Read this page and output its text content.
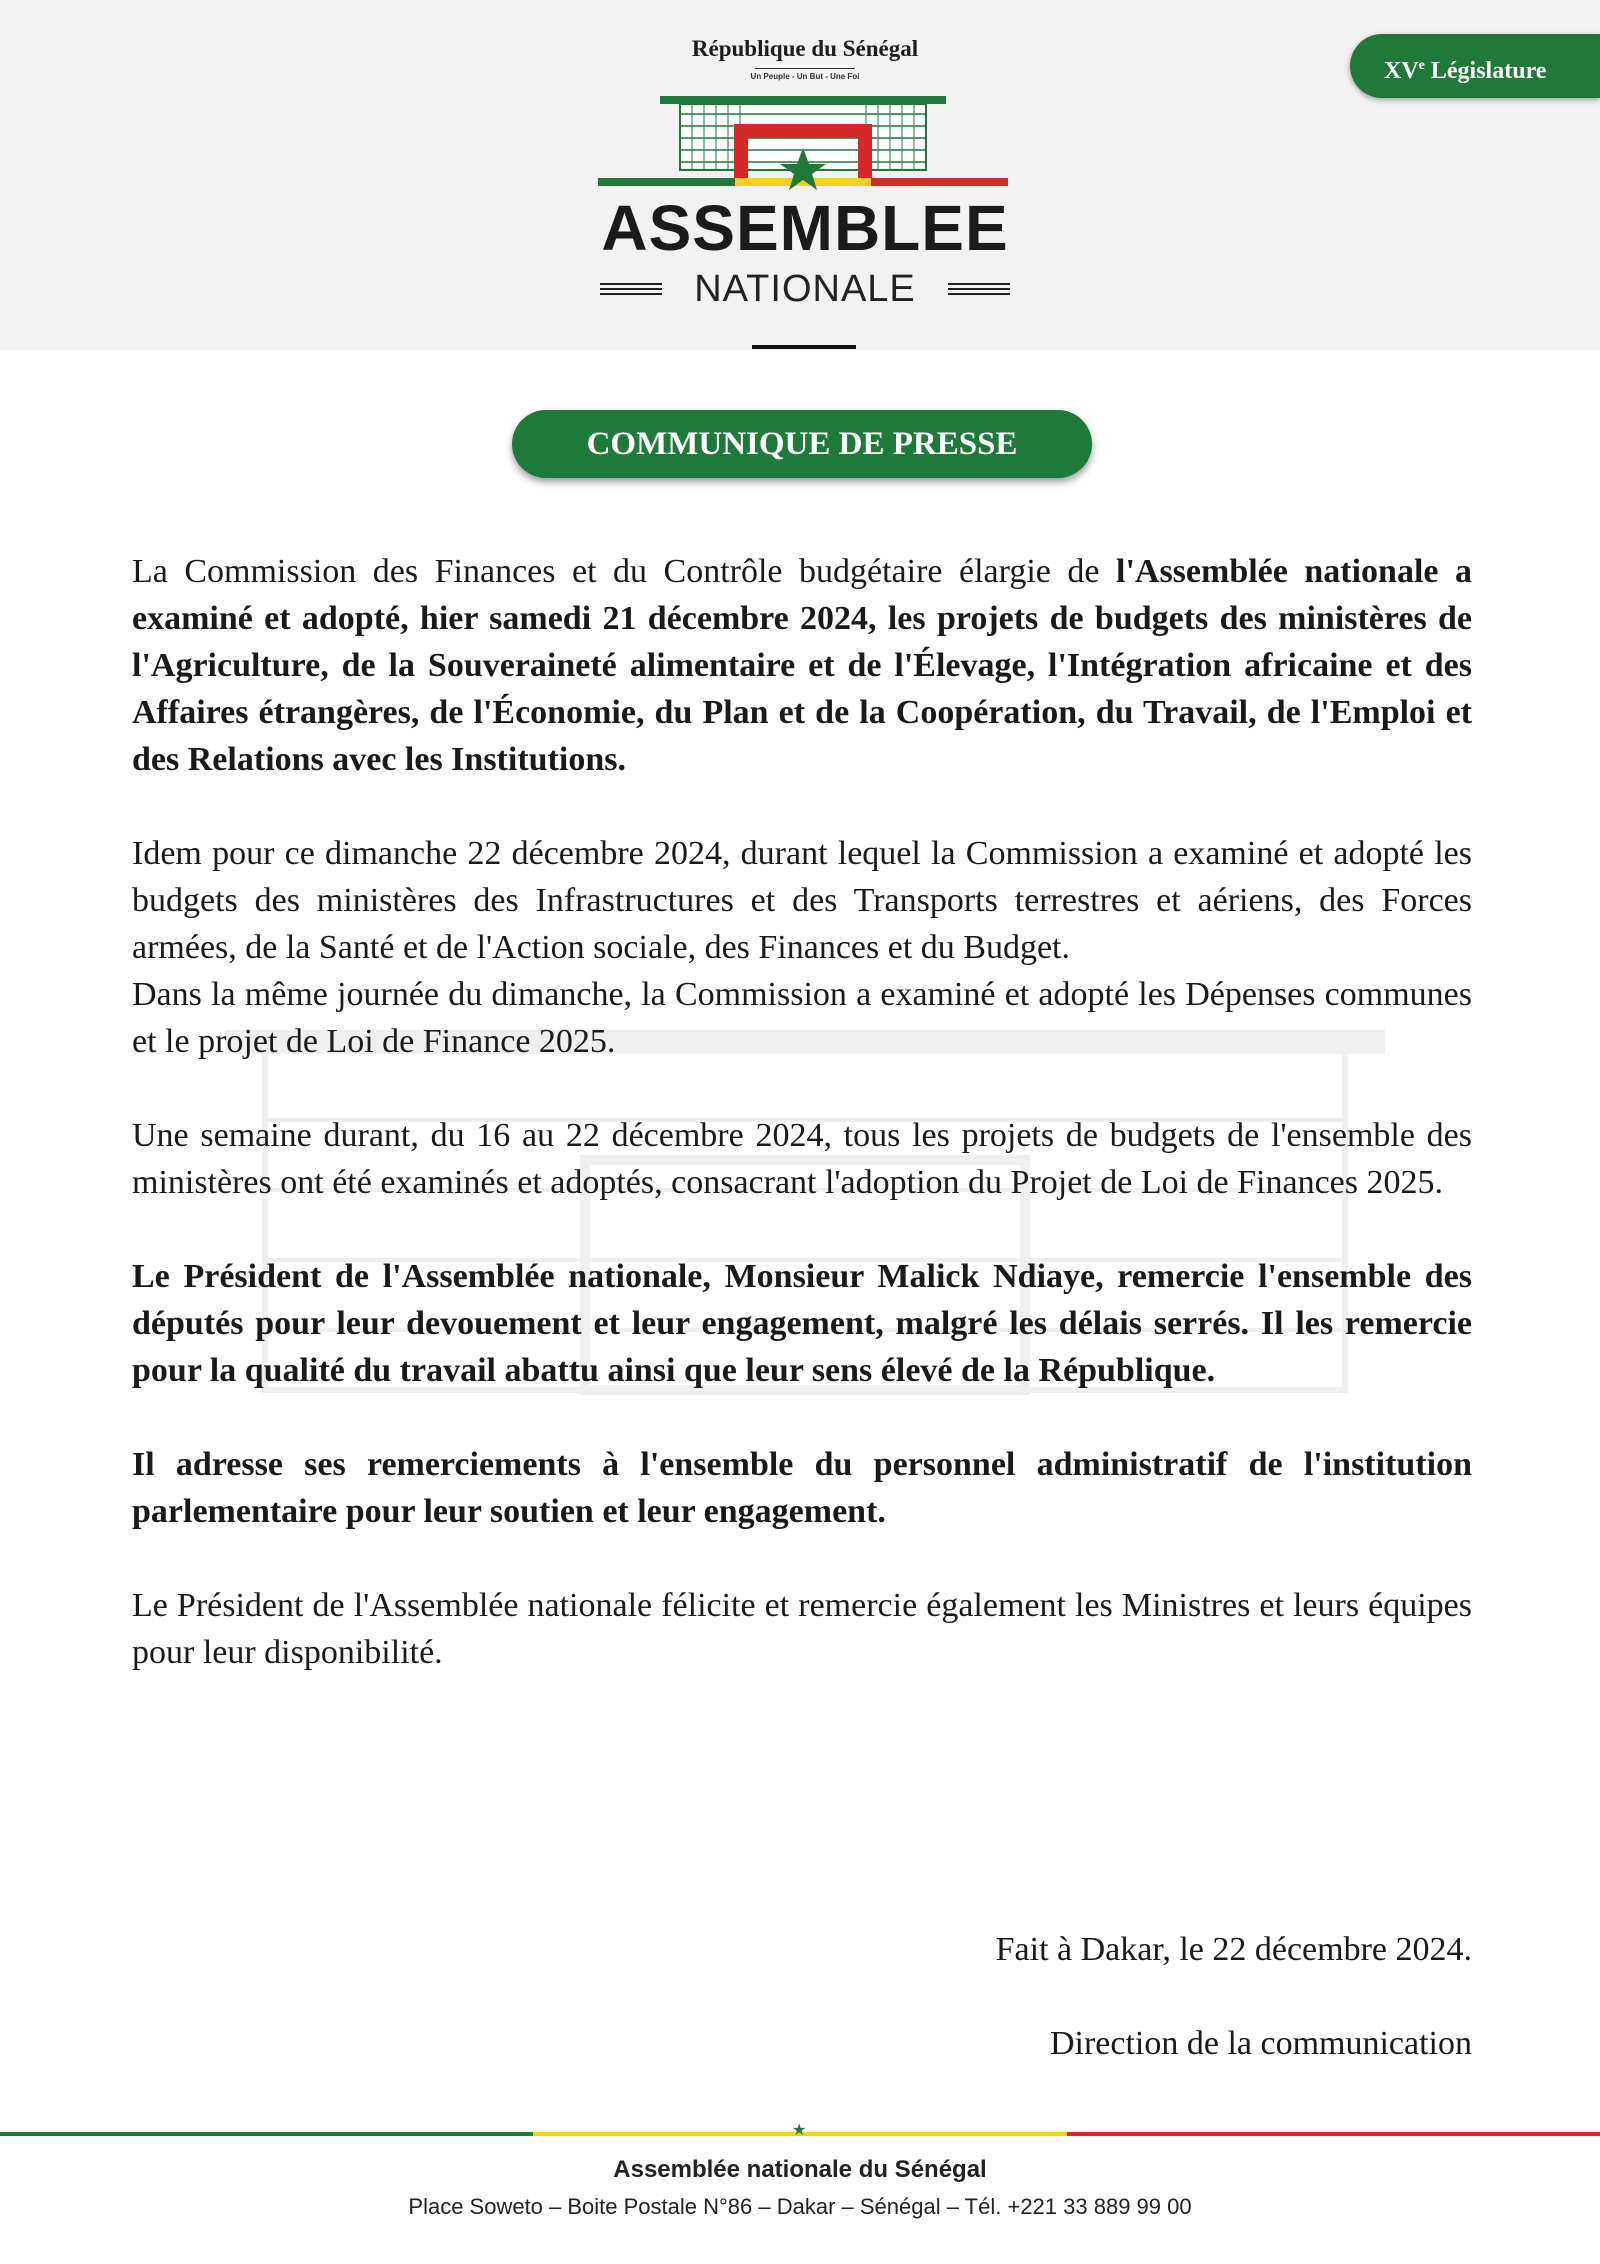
République du Sénégal
Un Peuple - Un But - Une Foi
ASSEMBLEE
NATIONALE
XVe Législature
COMMUNIQUE DE PRESSE

La Commission des Finances et du Contrôle budgétaire élargie de l'Assemblée nationale a examiné et adopté, hier samedi 21 décembre 2024, les projets de budgets des ministères de l'Agriculture, de la Souveraineté alimentaire et de l'Élevage, l'Intégration africaine et des Affaires étrangères, de l'Économie, du Plan et de la Coopération, du Travail, de l'Emploi et des Relations avec les Institutions.

Idem pour ce dimanche 22 décembre 2024, durant lequel la Commission a examiné et adopté les budgets des ministères des Infrastructures et des Transports terrestres et aériens, des Forces armées, de la Santé et de l'Action sociale, des Finances et du Budget.

Dans la même journée du dimanche, la Commission a examiné et adopté les Dépenses communes et le projet de Loi de Finance 2025.

Une semaine durant, du 16 au 22 décembre 2024, tous les projets de budgets de l'ensemble des ministères ont été examinés et adoptés, consacrant l'adoption du Projet de Loi de Finances 2025.

Le Président de l'Assemblée nationale, Monsieur Malick Ndiaye, remercie l'ensemble des députés pour leur devouement et leur engagement, malgré les délais serrés. Il les remercie pour la qualité du travail abattu ainsi que leur sens élevé de la République.

Il adresse ses remerciements à l'ensemble du personnel administratif de l'institution parlementaire pour leur soutien et leur engagement.

Le Président de l'Assemblée nationale félicite et remercie également les Ministres et leurs équipes pour leur disponibilité.

Fait à Dakar, le 22 décembre 2024.
Direction de la communication
★
Assemblée nationale du Sénégal
Place Soweto – Boite Postale N°86 – Dakar – Sénégal – Tél. +221 33 889 99 00
